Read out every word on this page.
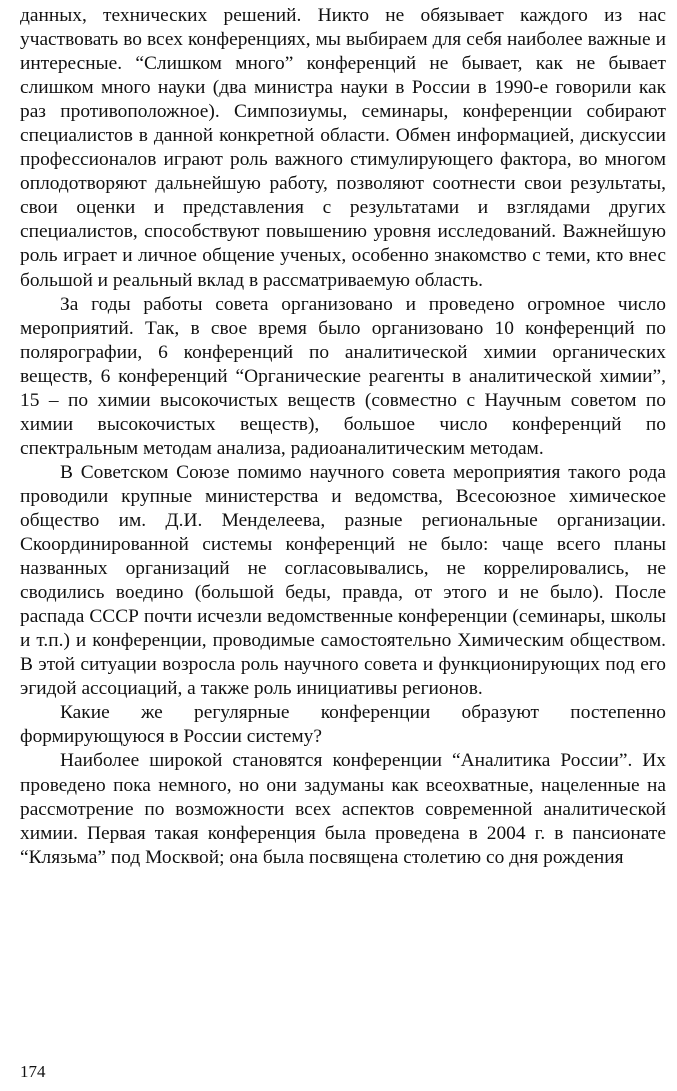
данных, технических решений. Никто не обязывает каждого из нас участвовать во всех конференциях, мы выбираем для себя наиболее важные и интересные. “Слишком много” конференций не бывает, как не бывает слишком много науки (два министра науки в России в 1990-е говорили как раз противоположное). Симпозиумы, семинары, конференции собирают специалистов в данной конкретной области. Обмен информацией, дискуссии профессионалов играют роль важного стимулирующего фактора, во многом оплодотворяют дальнейшую работу, позволяют соотнести свои результаты, свои оценки и представления с результатами и взглядами других специалистов, способствуют повышению уровня исследований. Важнейшую роль играет и личное общение ученых, особенно знакомство с теми, кто внес большой и реальный вклад в рассматриваемую область.

За годы работы совета организовано и проведено огромное число мероприятий. Так, в свое время было организовано 10 конференций по полярографии, 6 конференций по аналитической химии органических веществ, 6 конференций “Органические реагенты в аналитической химии”, 15 – по химии высокочистых веществ (совместно с Научным советом по химии высокочистых веществ), большое число конференций по спектральным методам анализа, радиоаналитическим методам.

В Советском Союзе помимо научного совета мероприятия такого рода проводили крупные министерства и ведомства, Всесоюзное химическое общество им. Д.И. Менделеева, разные региональные организации. Скоординированной системы конференций не было: чаще всего планы названных организаций не согласовывались, не коррелировались, не сводились воедино (большой беды, правда, от этого и не было). После распада СССР почти исчезли ведомственные конференции (семинары, школы и т.п.) и конференции, проводимые самостоятельно Химическим обществом. В этой ситуации возросла роль научного совета и функционирующих под его эгидой ассоциаций, а также роль инициативы регионов.

Какие же регулярные конференции образуют постепенно формирующуюся в России систему?

Наиболее широкой становятся конференции “Аналитика России”. Их проведено пока немного, но они задуманы как всеохватные, нацеленные на рассмотрение по возможности всех аспектов современной аналитической химии. Первая такая конференция была проведена в 2004 г. в пансионате “Клязьма” под Москвой; она была посвящена столетию со дня рождения

174
